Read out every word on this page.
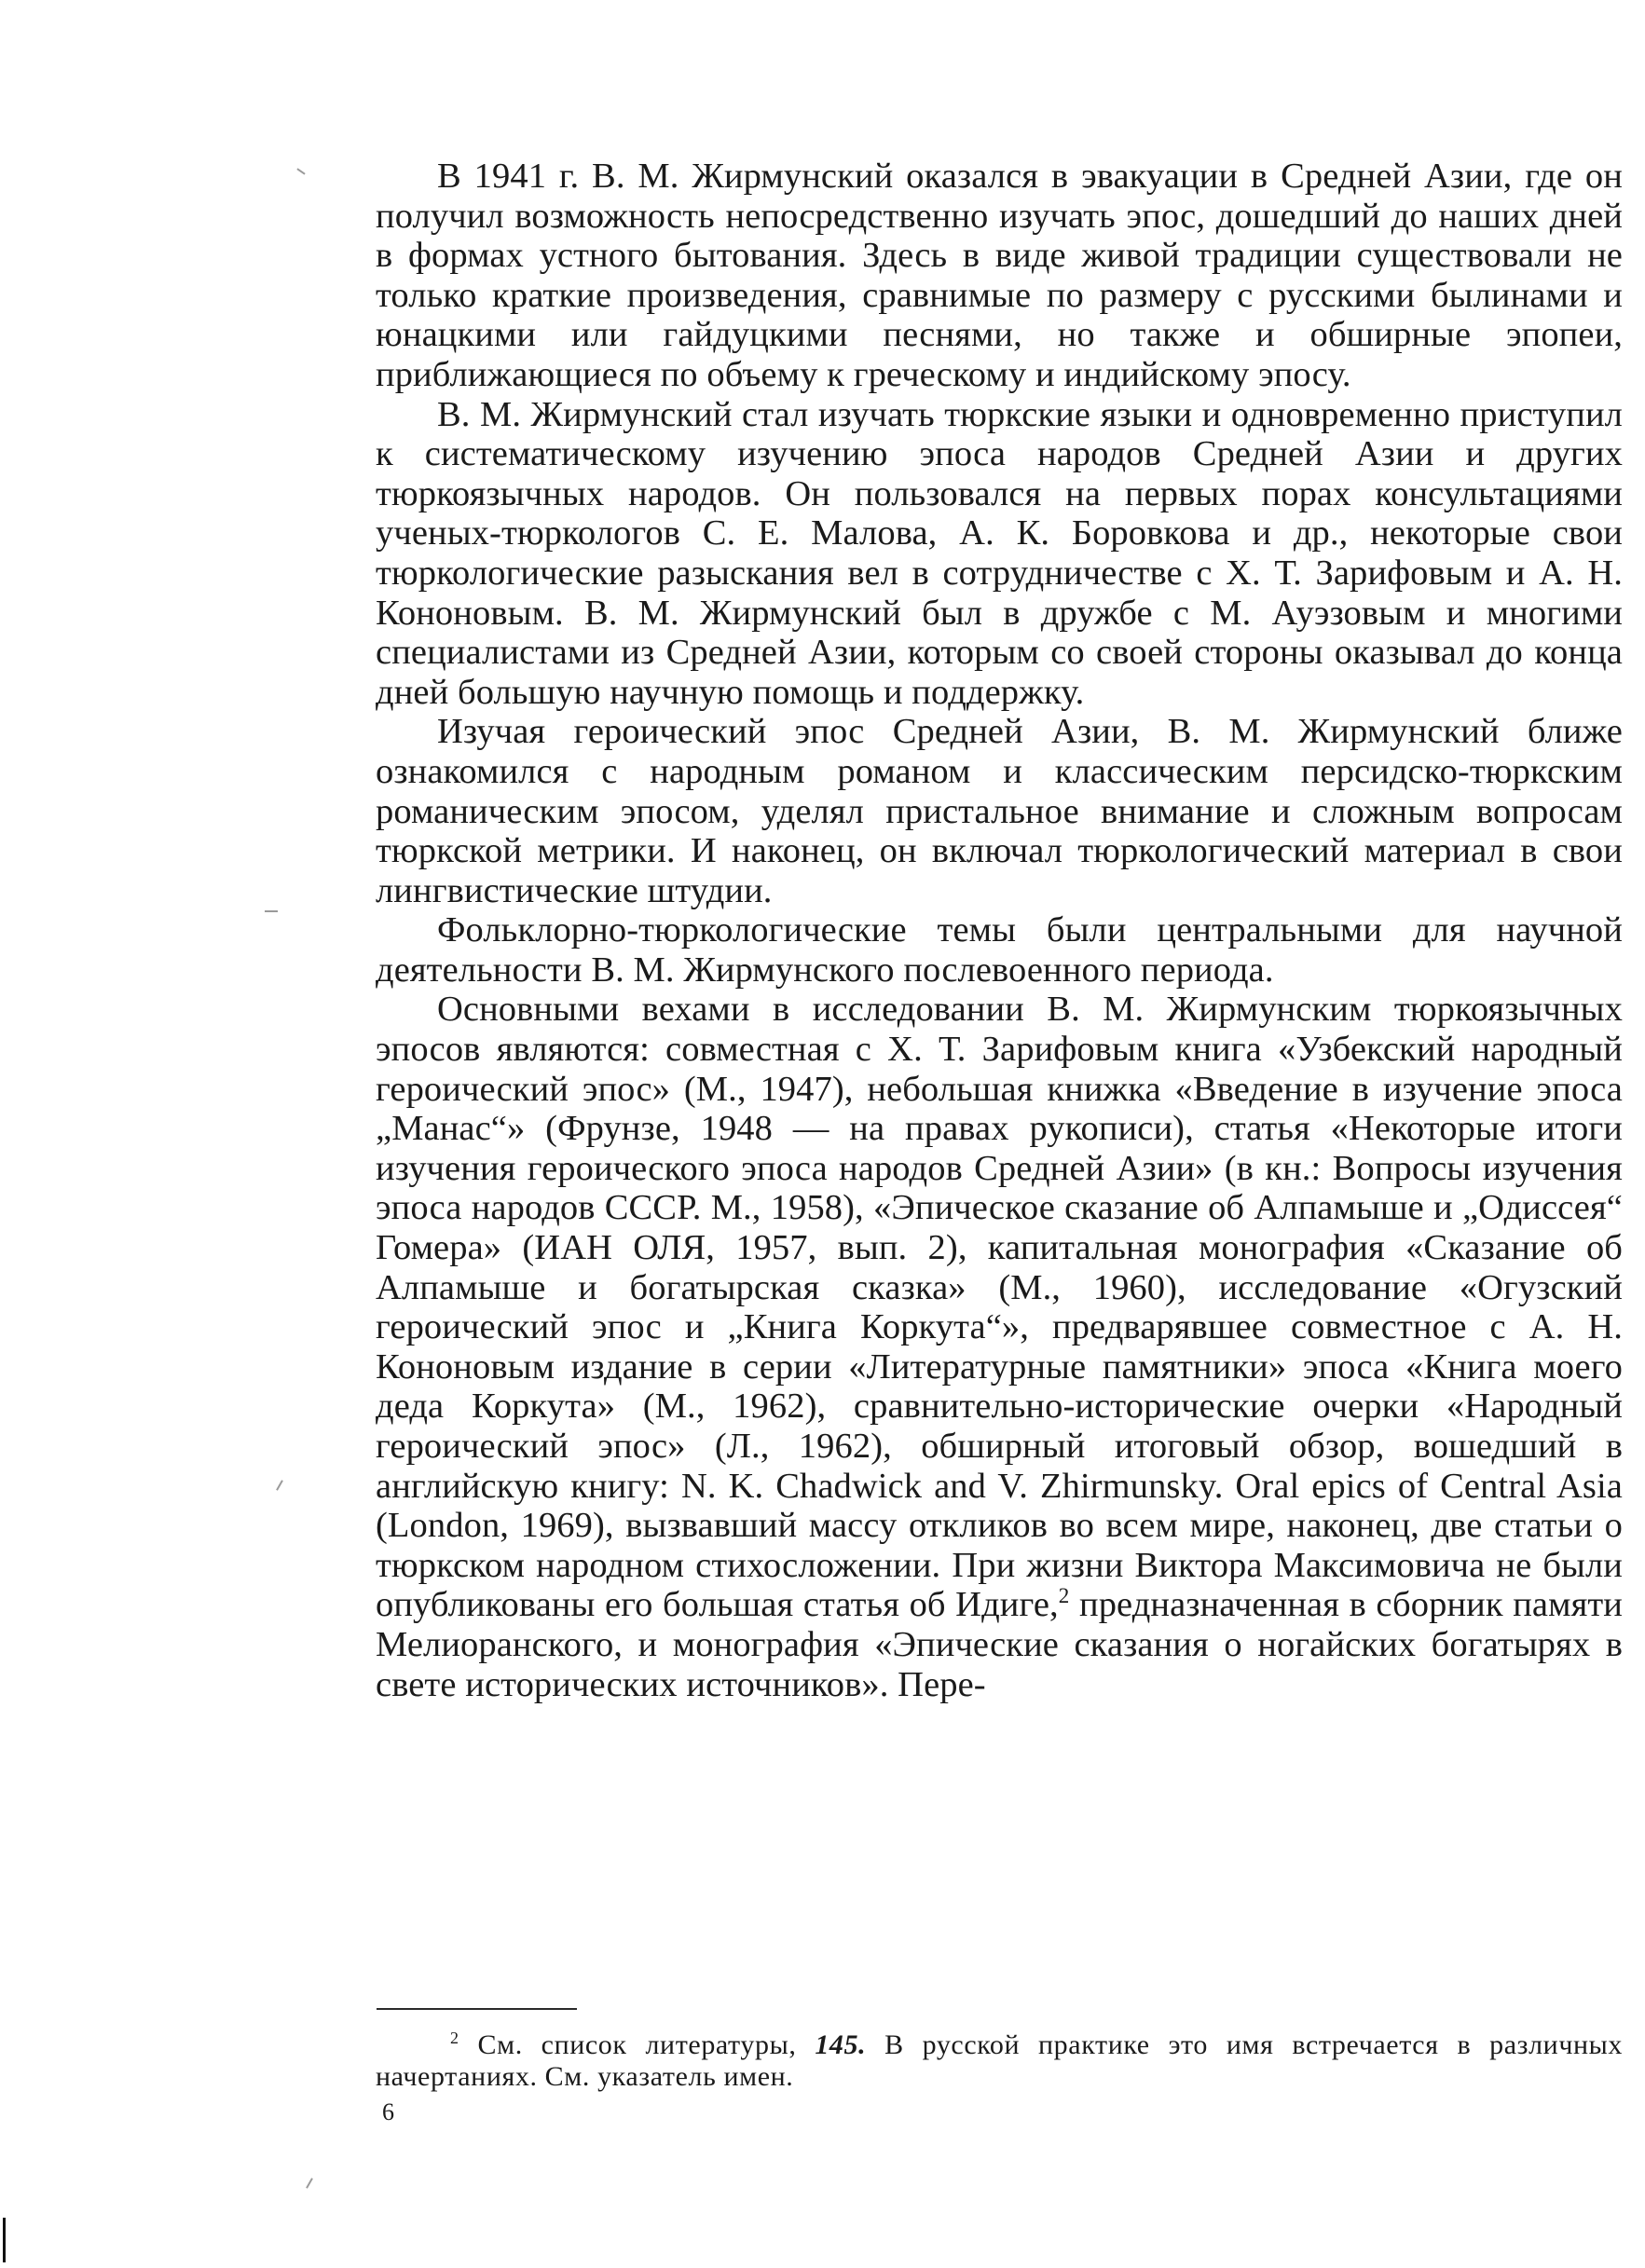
В 1941 г. В. М. Жирмунский оказался в эвакуации в Средней Азии, где он получил возможность непосредственно изучать эпос, дошедший до наших дней в формах устного бытования. Здесь в виде живой традиции существовали не только краткие произведения, сравнимые по размеру с русскими былинами и юнацкими или гайдуцкими песнями, но также и обширные эпопеи, приближающиеся по объему к греческому и индийскому эпосу.

В. М. Жирмунский стал изучать тюркские языки и одновременно приступил к систематическому изучению эпоса народов Средней Азии и других тюркоязычных народов. Он пользовался на первых порах консультациями ученых-тюркологов С. Е. Малова, А. К. Боровкова и др., некоторые свои тюркологические разыскания вел в сотрудничестве с Х. Т. Зарифовым и А. Н. Кононовым. В. М. Жирмунский был в дружбе с М. Ауэзовым и многими специалистами из Средней Азии, которым со своей стороны оказывал до конца дней большую научную помощь и поддержку.

Изучая героический эпос Средней Азии, В. М. Жирмунский ближе ознакомился с народным романом и классическим персидско-тюркским романическим эпосом, уделял пристальное внимание и сложным вопросам тюркской метрики. И наконец, он включал тюркологический материал в свои лингвистические штудии.

Фольклорно-тюркологические темы были центральными для научной деятельности В. М. Жирмунского послевоенного периода.

Основными вехами в исследовании В. М. Жирмунским тюркоязычных эпосов являются: совместная с Х. Т. Зарифовым книга «Узбекский народный героический эпос» (М., 1947), небольшая книжка «Введение в изучение эпоса „Манас“» (Фрунзе, 1948 — на правах рукописи), статья «Некоторые итоги изучения героического эпоса народов Средней Азии» (в кн.: Вопросы изучения эпоса народов СССР. М., 1958), «Эпическое сказание об Алпамыше и „Одиссея“ Гомера» (ИАН ОЛЯ, 1957, вып. 2), капитальная монография «Сказание об Алпамыше и богатырская сказка» (М., 1960), исследование «Огузский героический эпос и „Книга Коркута“», предварявшее совместное с А. Н. Кононовым издание в серии «Литературные памятники» эпоса «Книга моего деда Коркута» (М., 1962), сравнительно-исторические очерки «Народный героический эпос» (Л., 1962), обширный итоговый обзор, вошедший в английскую книгу: N. K. Chadwick and V. Zhirmunsky. Oral epics of Central Asia (London, 1969), вызвавший массу откликов во всем мире, наконец, две статьи о тюркском народном стихосложении. При жизни Виктора Максимовича не были опубликованы его большая статья об Идиге,$^2$ предназначенная в сборник памяти Мелиоранского, и монография «Эпические сказания о ногайских богатырях в свете исторических источников». Пере-

$^2$ См. список литературы, 145. В русской практике это имя встречается в различных начертаниях. См. указатель имен.

6
